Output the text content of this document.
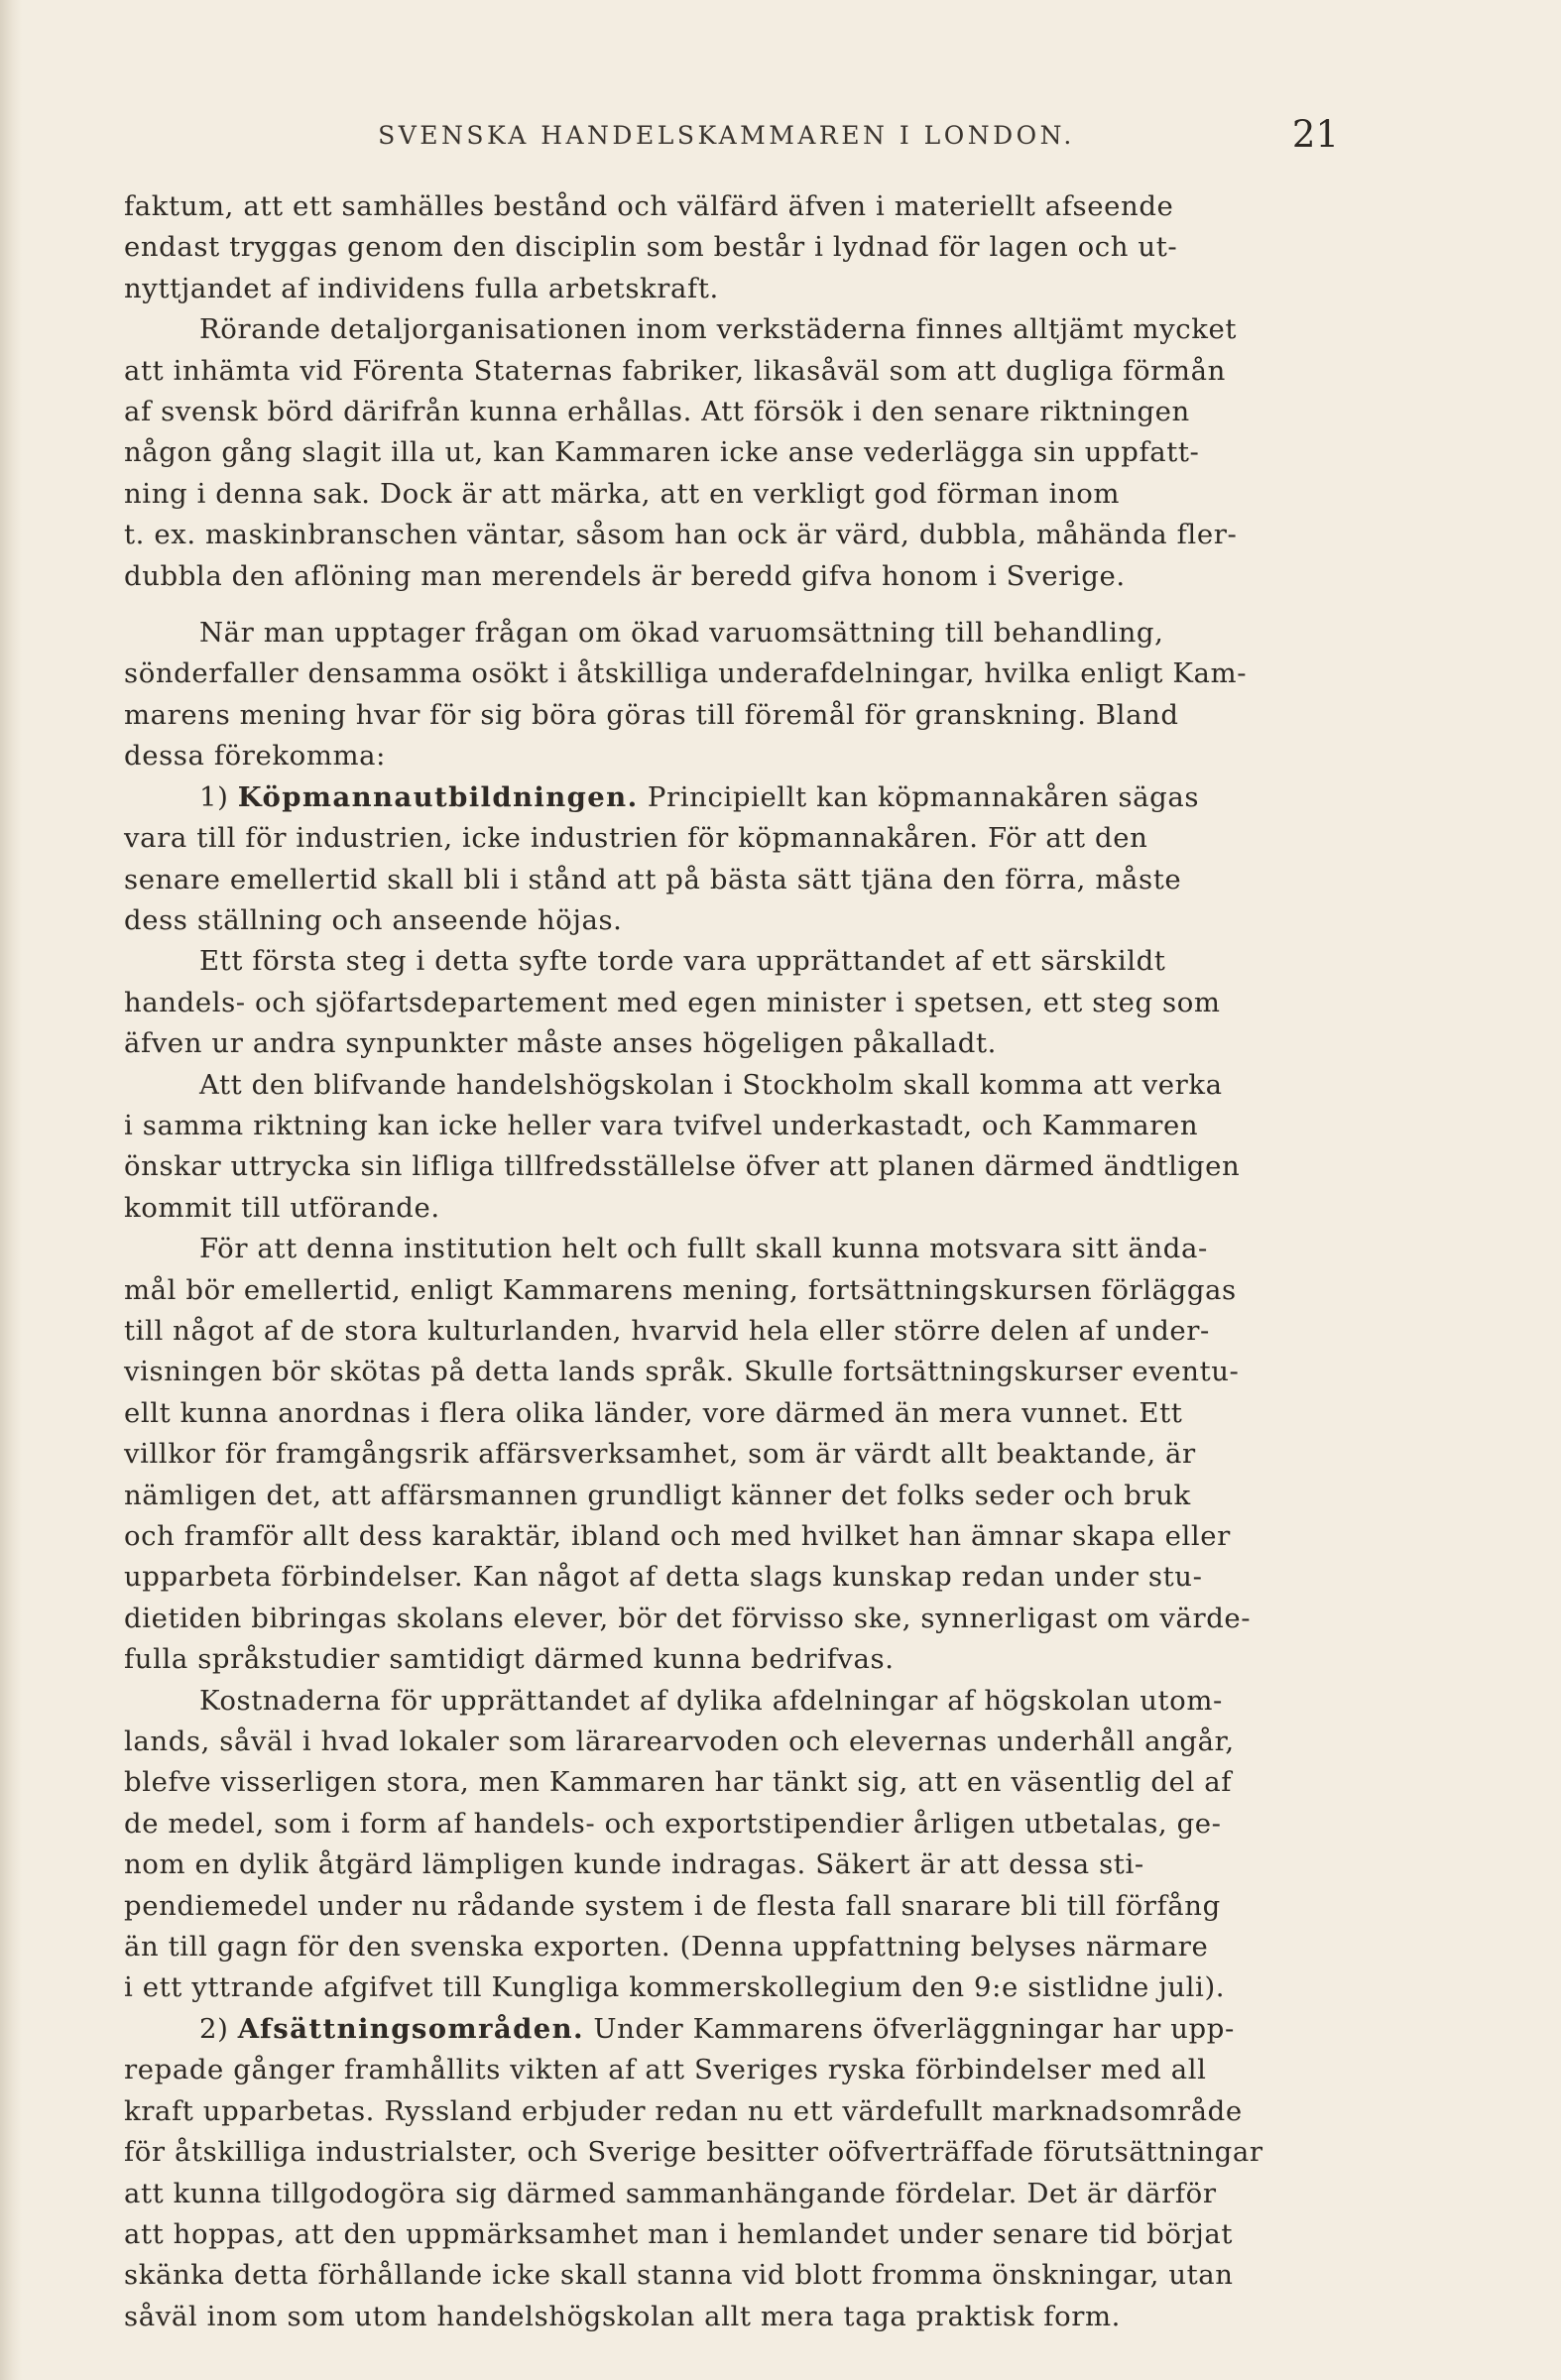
SVENSKA HANDELSKAMMAREN I LONDON.	21
faktum, att ett samhälles bestånd och välfärd äfven i materiellt afseende
endast tryggas genom den disciplin som består i lydnad för lagen och ut-
nyttjandet af individens fulla arbetskraft.
Rörande detaljorganisationen inom verkstäderna finnes alltjämt mycket
att inhämta vid Förenta Staternas fabriker, likasåväl som att dugliga förmån
af svensk börd därifrån kunna erhållas. Att försök i den senare riktningen
någon gång slagit illa ut, kan Kammaren icke anse vederlägga sin uppfatt-
ning i denna sak. Dock är att märka, att en verkligt god förman inom
t. ex. maskinbranschen väntar, såsom han ock är värd, dubbla, måhända fler-
dubbla den aflöning man merendels är beredd gifva honom i Sverige.
När man upptager frågan om ökad varuomsättning till behandling,
sönderfaller densamma osökt i åtskilliga underafdelningar, hvilka enligt Kam-
marens mening hvar för sig böra göras till föremål för granskning. Bland
dessa förekomma:
1) Köpmannautbildningen. Principiellt kan köpmannakåren sägas
vara till för industrien, icke industrien för köpmannakåren. För att den
senare emellertid skall bli i stånd att på bästa sätt tjäna den förra, måste
dess ställning och anseende höjas.
Ett första steg i detta syfte torde vara upprättandet af ett särskildt
handels- och sjöfartsdepartement med egen minister i spetsen, ett steg som
äfven ur andra synpunkter måste anses högeligen påkalladt.
Att den blifvande handelshögskolan i Stockholm skall komma att verka
i samma riktning kan icke heller vara tvifvel underkastadt, och Kammaren
önskar uttrycka sin lifliga tillfredsställelse öfver att planen därmed ändtligen
kommit till utförande.
För att denna institution helt och fullt skall kunna motsvara sitt ända-
mål bör emellertid, enligt Kammarens mening, fortsättningskursen förläggas
till något af de stora kulturlanden, hvarvid hela eller större delen af under-
visningen bör skötas på detta lands språk. Skulle fortsättningskurser eventu-
ellt kunna anordnas i flera olika länder, vore därmed än mera vunnet. Ett
villkor för framgångsrik affärsverksamhet, som är värdt allt beaktande, är
nämligen det, att affärsmannen grundligt känner det folks seder och bruk
och framför allt dess karaktär, ibland och med hvilket han ämnar skapa eller
upparbeta förbindelser. Kan något af detta slags kunskap redan under stu-
dietiden bibringas skolans elever, bör det förvisso ske, synnerligast om värde-
fulla språkstudier samtidigt därmed kunna bedrifvas.
Kostnaderna för upprättandet af dylika afdelningar af högskolan utom-
lands, såväl i hvad lokaler som lärarearvoden och elevernas underhåll angår,
blefve visserligen stora, men Kammaren har tänkt sig, att en väsentlig del af
de medel, som i form af handels- och exportstipendier årligen utbetalas, ge-
nom en dylik åtgärd lämpligen kunde indragas. Säkert är att dessa sti-
pendiemedel under nu rådande system i de flesta fall snarare bli till förfång
än till gagn för den svenska exporten. (Denna uppfattning belyses närmare
i ett yttrande afgifvet till Kungliga kommerskollegium den 9:e sistlidne juli).
2) Afsättningsområden. Under Kammarens öfverläggningar har upp-
repade gånger framhållits vikten af att Sveriges ryska förbindelser med all
kraft upparbetas. Ryssland erbjuder redan nu ett värdefullt marknadsområde
för åtskilliga industrialster, och Sverige besitter oöfverträffade förutsättningar
att kunna tillgodogöra sig därmed sammanhängande fördelar. Det är därför
att hoppas, att den uppmärksamhet man i hemlandet under senare tid börjat
skänka detta förhållande icke skall stanna vid blott fromma önskningar, utan
såväl inom som utom handelshögskolan allt mera taga praktisk form.
